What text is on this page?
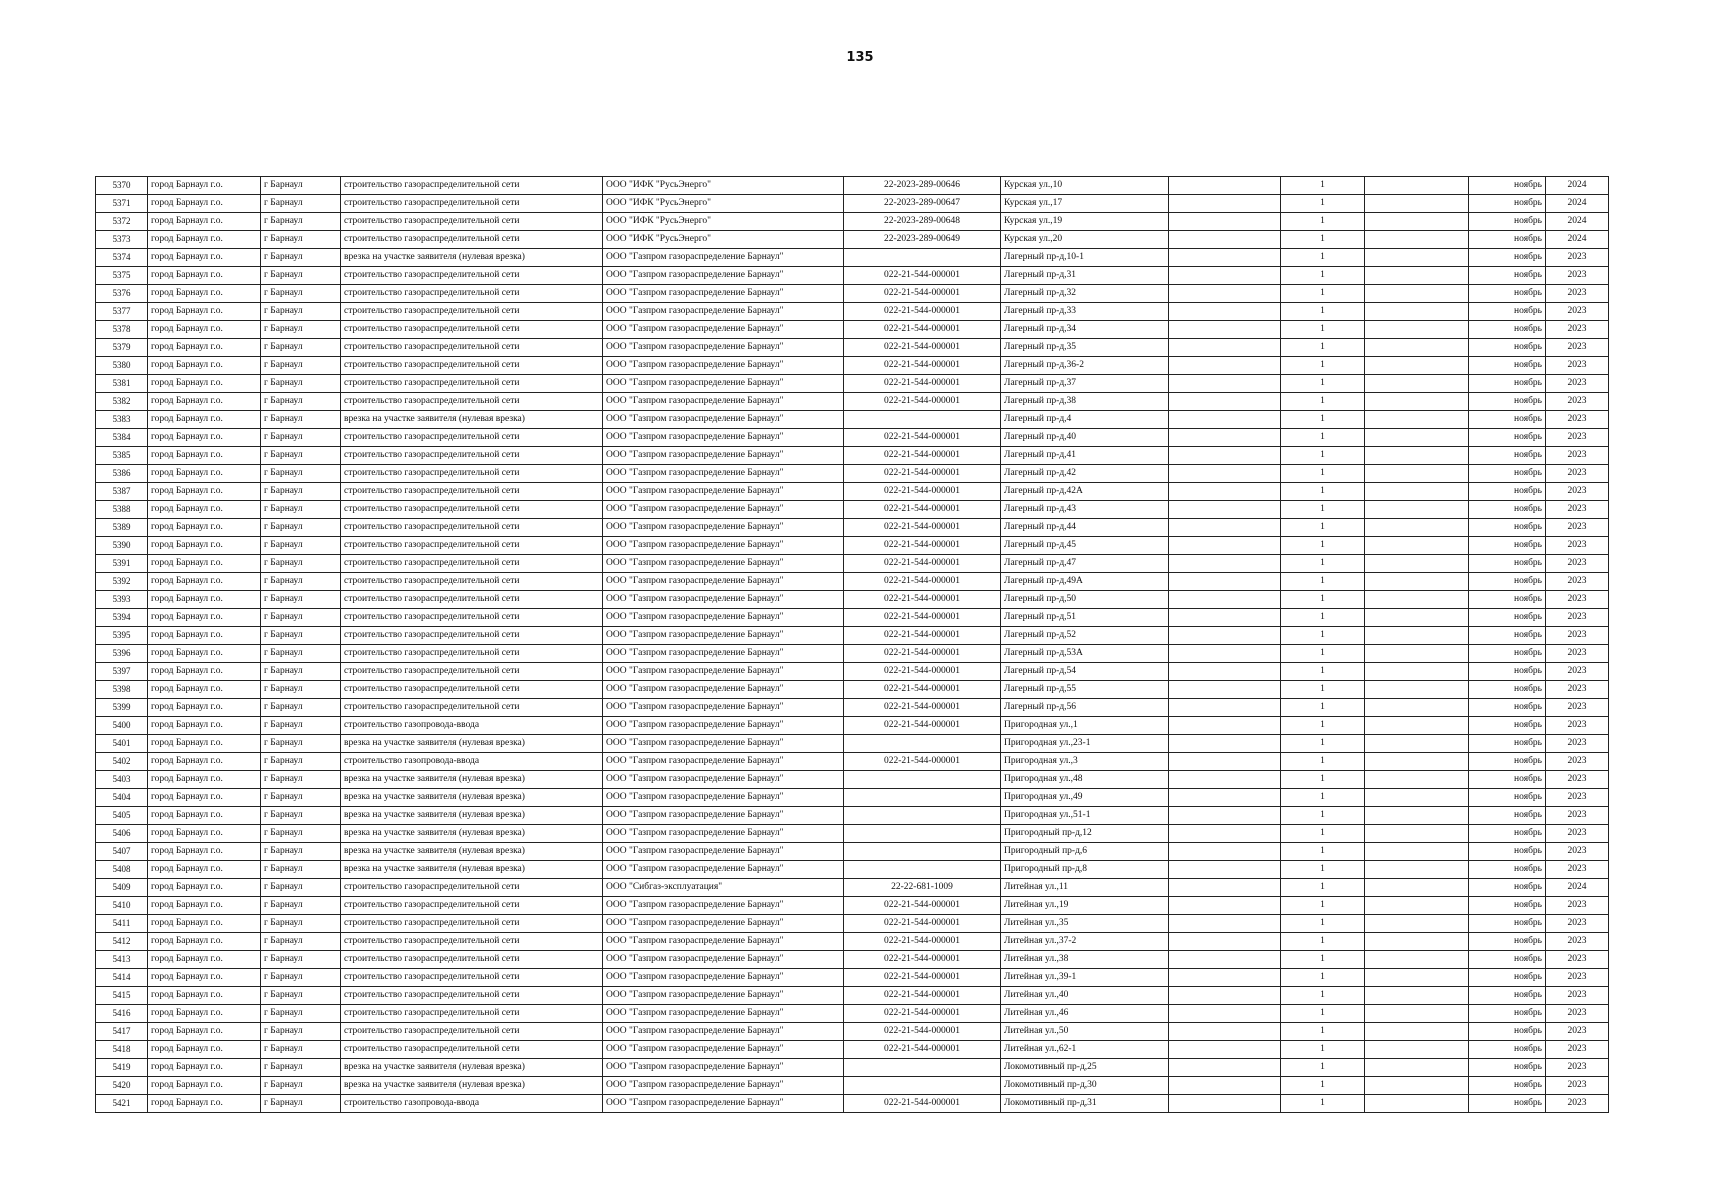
135
5370	город Барнаул г.о.	г Барнаул	строительство газораспределительной сети	ООО "ИФК "РусьЭнерго"	22-2023-289-00646	Курская ул.,10		1		ноябрь	2024
5371	город Барнаул г.о.	г Барнаул	строительство газораспределительной сети	ООО "ИФК "РусьЭнерго"	22-2023-289-00647	Курская ул.,17		1		ноябрь	2024
5372	город Барнаул г.о.	г Барнаул	строительство газораспределительной сети	ООО "ИФК "РусьЭнерго"	22-2023-289-00648	Курская ул.,19		1		ноябрь	2024
5373	город Барнаул г.о.	г Барнаул	строительство газораспределительной сети	ООО "ИФК "РусьЭнерго"	22-2023-289-00649	Курская ул.,20		1		ноябрь	2024
5374	город Барнаул г.о.	г Барнаул	врезка на участке заявителя (нулевая врезка)	ООО "Газпром газораспределение Барнаул"		Лагерный пр-д,10-1		1		ноябрь	2023
5375	город Барнаул г.о.	г Барнаул	строительство газораспределительной сети	ООО "Газпром газораспределение Барнаул"	022-21-544-000001	Лагерный пр-д,31		1		ноябрь	2023
5376	город Барнаул г.о.	г Барнаул	строительство газораспределительной сети	ООО "Газпром газораспределение Барнаул"	022-21-544-000001	Лагерный пр-д,32		1		ноябрь	2023
5377	город Барнаул г.о.	г Барнаул	строительство газораспределительной сети	ООО "Газпром газораспределение Барнаул"	022-21-544-000001	Лагерный пр-д,33		1		ноябрь	2023
5378	город Барнаул г.о.	г Барнаул	строительство газораспределительной сети	ООО "Газпром газораспределение Барнаул"	022-21-544-000001	Лагерный пр-д,34		1		ноябрь	2023
5379	город Барнаул г.о.	г Барнаул	строительство газораспределительной сети	ООО "Газпром газораспределение Барнаул"	022-21-544-000001	Лагерный пр-д,35		1		ноябрь	2023
5380	город Барнаул г.о.	г Барнаул	строительство газораспределительной сети	ООО "Газпром газораспределение Барнаул"	022-21-544-000001	Лагерный пр-д,36-2		1		ноябрь	2023
5381	город Барнаул г.о.	г Барнаул	строительство газораспределительной сети	ООО "Газпром газораспределение Барнаул"	022-21-544-000001	Лагерный пр-д,37		1		ноябрь	2023
5382	город Барнаул г.о.	г Барнаул	строительство газораспределительной сети	ООО "Газпром газораспределение Барнаул"	022-21-544-000001	Лагерный пр-д,38		1		ноябрь	2023
5383	город Барнаул г.о.	г Барнаул	врезка на участке заявителя (нулевая врезка)	ООО "Газпром газораспределение Барнаул"		Лагерный пр-д,4		1		ноябрь	2023
5384	город Барнаул г.о.	г Барнаул	строительство газораспределительной сети	ООО "Газпром газораспределение Барнаул"	022-21-544-000001	Лагерный пр-д,40		1		ноябрь	2023
5385	город Барнаул г.о.	г Барнаул	строительство газораспределительной сети	ООО "Газпром газораспределение Барнаул"	022-21-544-000001	Лагерный пр-д,41		1		ноябрь	2023
5386	город Барнаул г.о.	г Барнаул	строительство газораспределительной сети	ООО "Газпром газораспределение Барнаул"	022-21-544-000001	Лагерный пр-д,42		1		ноябрь	2023
5387	город Барнаул г.о.	г Барнаул	строительство газораспределительной сети	ООО "Газпром газораспределение Барнаул"	022-21-544-000001	Лагерный пр-д,42А		1		ноябрь	2023
5388	город Барнаул г.о.	г Барнаул	строительство газораспределительной сети	ООО "Газпром газораспределение Барнаул"	022-21-544-000001	Лагерный пр-д,43		1		ноябрь	2023
5389	город Барнаул г.о.	г Барнаул	строительство газораспределительной сети	ООО "Газпром газораспределение Барнаул"	022-21-544-000001	Лагерный пр-д,44		1		ноябрь	2023
5390	город Барнаул г.о.	г Барнаул	строительство газораспределительной сети	ООО "Газпром газораспределение Барнаул"	022-21-544-000001	Лагерный пр-д,45		1		ноябрь	2023
5391	город Барнаул г.о.	г Барнаул	строительство газораспределительной сети	ООО "Газпром газораспределение Барнаул"	022-21-544-000001	Лагерный пр-д,47		1		ноябрь	2023
5392	город Барнаул г.о.	г Барнаул	строительство газораспределительной сети	ООО "Газпром газораспределение Барнаул"	022-21-544-000001	Лагерный пр-д,49А		1		ноябрь	2023
5393	город Барнаул г.о.	г Барнаул	строительство газораспределительной сети	ООО "Газпром газораспределение Барнаул"	022-21-544-000001	Лагерный пр-д,50		1		ноябрь	2023
5394	город Барнаул г.о.	г Барнаул	строительство газораспределительной сети	ООО "Газпром газораспределение Барнаул"	022-21-544-000001	Лагерный пр-д,51		1		ноябрь	2023
5395	город Барнаул г.о.	г Барнаул	строительство газораспределительной сети	ООО "Газпром газораспределение Барнаул"	022-21-544-000001	Лагерный пр-д,52		1		ноябрь	2023
5396	город Барнаул г.о.	г Барнаул	строительство газораспределительной сети	ООО "Газпром газораспределение Барнаул"	022-21-544-000001	Лагерный пр-д,53А		1		ноябрь	2023
5397	город Барнаул г.о.	г Барнаул	строительство газораспределительной сети	ООО "Газпром газораспределение Барнаул"	022-21-544-000001	Лагерный пр-д,54		1		ноябрь	2023
5398	город Барнаул г.о.	г Барнаул	строительство газораспределительной сети	ООО "Газпром газораспределение Барнаул"	022-21-544-000001	Лагерный пр-д,55		1		ноябрь	2023
5399	город Барнаул г.о.	г Барнаул	строительство газораспределительной сети	ООО "Газпром газораспределение Барнаул"	022-21-544-000001	Лагерный пр-д,56		1		ноябрь	2023
5400	город Барнаул г.о.	г Барнаул	строительство газопровода-ввода	ООО "Газпром газораспределение Барнаул"	022-21-544-000001	Пригородная ул.,1		1		ноябрь	2023
5401	город Барнаул г.о.	г Барнаул	врезка на участке заявителя (нулевая врезка)	ООО "Газпром газораспределение Барнаул"		Пригородная ул.,23-1		1		ноябрь	2023
5402	город Барнаул г.о.	г Барнаул	строительство газопровода-ввода	ООО "Газпром газораспределение Барнаул"	022-21-544-000001	Пригородная ул.,3		1		ноябрь	2023
5403	город Барнаул г.о.	г Барнаул	врезка на участке заявителя (нулевая врезка)	ООО "Газпром газораспределение Барнаул"		Пригородная ул.,48		1		ноябрь	2023
5404	город Барнаул г.о.	г Барнаул	врезка на участке заявителя (нулевая врезка)	ООО "Газпром газораспределение Барнаул"		Пригородная ул.,49		1		ноябрь	2023
5405	город Барнаул г.о.	г Барнаул	врезка на участке заявителя (нулевая врезка)	ООО "Газпром газораспределение Барнаул"		Пригородная ул.,51-1		1		ноябрь	2023
5406	город Барнаул г.о.	г Барнаул	врезка на участке заявителя (нулевая врезка)	ООО "Газпром газораспределение Барнаул"		Пригородный пр-д,12		1		ноябрь	2023
5407	город Барнаул г.о.	г Барнаул	врезка на участке заявителя (нулевая врезка)	ООО "Газпром газораспределение Барнаул"		Пригородный пр-д,6		1		ноябрь	2023
5408	город Барнаул г.о.	г Барнаул	врезка на участке заявителя (нулевая врезка)	ООО "Газпром газораспределение Барнаул"		Пригородный пр-д,8		1		ноябрь	2023
5409	город Барнаул г.о.	г Барнаул	строительство газораспределительной сети	ООО "Сибгаз-эксплуатация"	22-22-681-1009	Литейная ул.,11		1		ноябрь	2024
5410	город Барнаул г.о.	г Барнаул	строительство газораспределительной сети	ООО "Газпром газораспределение Барнаул"	022-21-544-000001	Литейная ул.,19		1		ноябрь	2023
5411	город Барнаул г.о.	г Барнаул	строительство газораспределительной сети	ООО "Газпром газораспределение Барнаул"	022-21-544-000001	Литейная ул.,35		1		ноябрь	2023
5412	город Барнаул г.о.	г Барнаул	строительство газораспределительной сети	ООО "Газпром газораспределение Барнаул"	022-21-544-000001	Литейная ул.,37-2		1		ноябрь	2023
5413	город Барнаул г.о.	г Барнаул	строительство газораспределительной сети	ООО "Газпром газораспределение Барнаул"	022-21-544-000001	Литейная ул.,38		1		ноябрь	2023
5414	город Барнаул г.о.	г Барнаул	строительство газораспределительной сети	ООО "Газпром газораспределение Барнаул"	022-21-544-000001	Литейная ул.,39-1		1		ноябрь	2023
5415	город Барнаул г.о.	г Барнаул	строительство газораспределительной сети	ООО "Газпром газораспределение Барнаул"	022-21-544-000001	Литейная ул.,40		1		ноябрь	2023
5416	город Барнаул г.о.	г Барнаул	строительство газораспределительной сети	ООО "Газпром газораспределение Барнаул"	022-21-544-000001	Литейная ул.,46		1		ноябрь	2023
5417	город Барнаул г.о.	г Барнаул	строительство газораспределительной сети	ООО "Газпром газораспределение Барнаул"	022-21-544-000001	Литейная ул.,50		1		ноябрь	2023
5418	город Барнаул г.о.	г Барнаул	строительство газораспределительной сети	ООО "Газпром газораспределение Барнаул"	022-21-544-000001	Литейная ул.,62-1		1		ноябрь	2023
5419	город Барнаул г.о.	г Барнаул	врезка на участке заявителя (нулевая врезка)	ООО "Газпром газораспределение Барнаул"		Локомотивный пр-д,25		1		ноябрь	2023
5420	город Барнаул г.о.	г Барнаул	врезка на участке заявителя (нулевая врезка)	ООО "Газпром газораспределение Барнаул"		Локомотивный пр-д,30		1		ноябрь	2023
5421	город Барнаул г.о.	г Барнаул	строительство газопровода-ввода	ООО "Газпром газораспределение Барнаул"	022-21-544-000001	Локомотивный пр-д,31		1		ноябрь	2023
